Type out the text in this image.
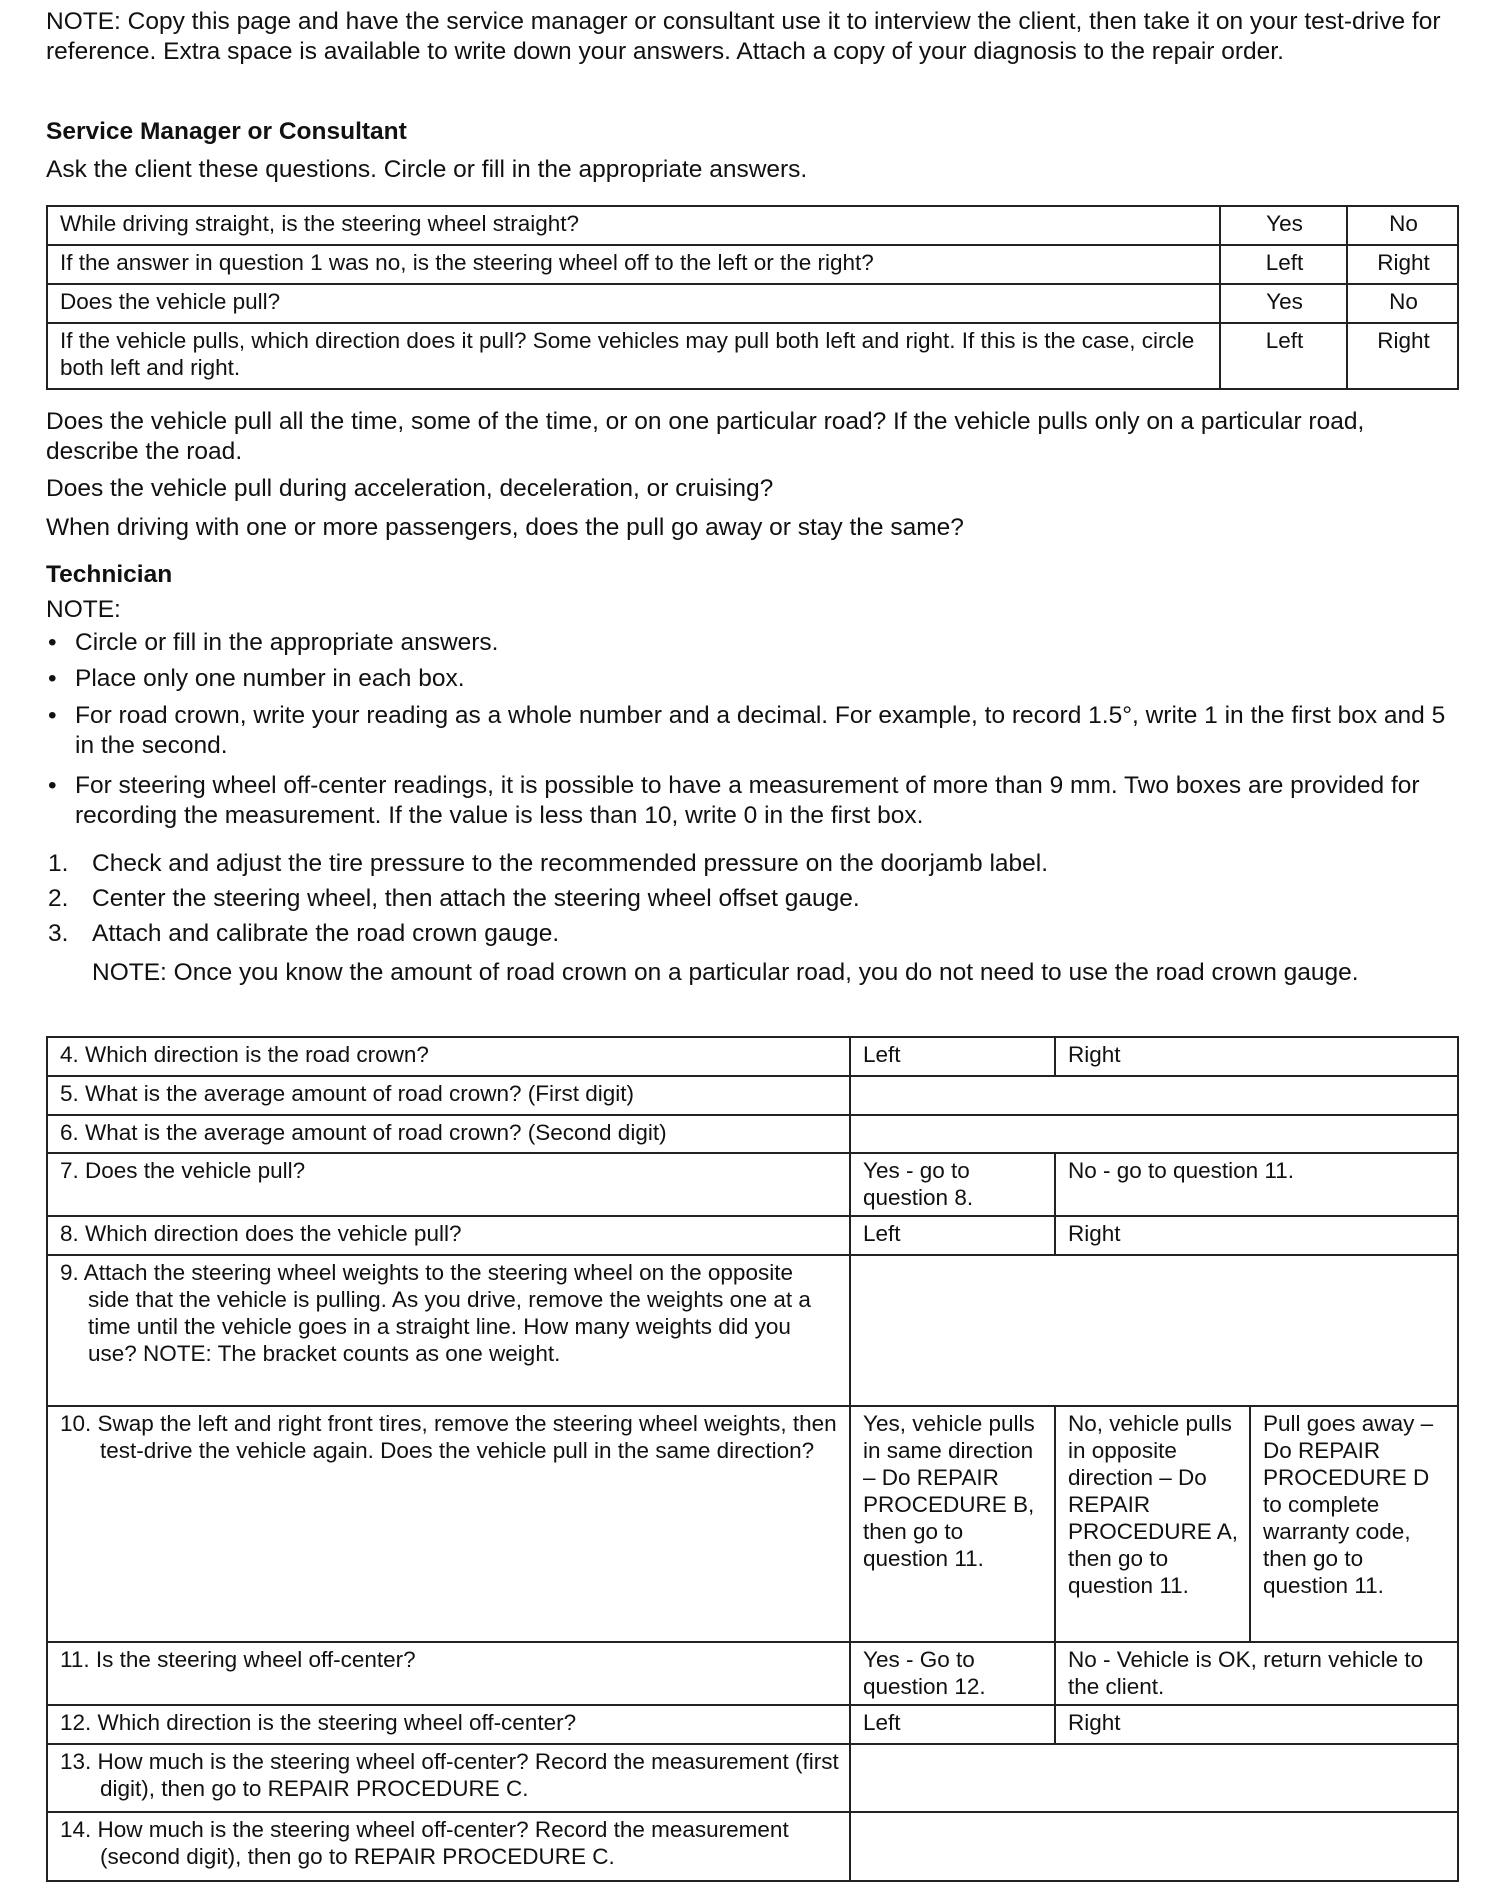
NOTE: Copy this page and have the service manager or consultant use it to interview the client, then take it on your test-drive for reference. Extra space is available to write down your answers. Attach a copy of your diagnosis to the repair order.

Service Manager or Consultant
Ask the client these questions. Circle or fill in the appropriate answers.
While driving straight, is the steering wheel straight?	Yes	No
If the answer in question 1 was no, is the steering wheel off to the left or the right?	Left	Right
Does the vehicle pull?	Yes	No
If the vehicle pulls, which direction does it pull? Some vehicles may pull both left and right. If this is the case, circle both left and right.	Left	Right

Does the vehicle pull all the time, some of the time, or on one particular road? If the vehicle pulls only on a particular road, describe the road.

Does the vehicle pull during acceleration, deceleration, or cruising?
When driving with one or more passengers, does the pull go away or stay the same?
Technician
NOTE:
• Circle or fill in the appropriate answers.
• Place only one number in each box.
• For road crown, write your reading as a whole number and a decimal. For example, to record 1.5°, write 1 in the first box and 5 in the second.
• For steering wheel off-center readings, it is possible to have a measurement of more than 9 mm. Two boxes are provided for recording the measurement. If the value is less than 10, write 0 in the first box.
1. Check and adjust the tire pressure to the recommended pressure on the doorjamb label.
2. Center the steering wheel, then attach the steering wheel offset gauge.
3. Attach and calibrate the road crown gauge.
NOTE: Once you know the amount of road crown on a particular road, you do not need to use the road crown gauge.
4. Which direction is the road crown?	Left	Right	
5. What is the average amount of road crown? (First digit)			
6. What is the average amount of road crown? (Second digit)			
7. Does the vehicle pull?	Yes - go to question 8.	No - go to question 11.	
8. Which direction does the vehicle pull?	Left	Right	
9. Attach the steering wheel weights to the steering wheel on the opposite side that the vehicle is pulling. As you drive, remove the weights one at a time until the vehicle goes in a straight line. How many weights did you use? NOTE: The bracket counts as one weight.			
10. Swap the left and right front tires, remove the steering wheel weights, then test-drive the vehicle again. Does the vehicle pull in the same direction?	Yes, vehicle pulls in same direction – Do REPAIR PROCEDURE B, then go to question 11.	No, vehicle pulls in opposite direction – Do REPAIR PROCEDURE A, then go to question 11.	Pull goes away – Do REPAIR PROCEDURE D to complete warranty code, then go to question 11.
11. Is the steering wheel off-center?	Yes - Go to question 12.	No - Vehicle is OK, return vehicle to the client.	
12. Which direction is the steering wheel off-center?	Left	Right	
13. How much is the steering wheel off-center? Record the measurement (first digit), then go to REPAIR PROCEDURE C.			
14. How much is the steering wheel off-center? Record the measurement (second digit), then go to REPAIR PROCEDURE C.			
